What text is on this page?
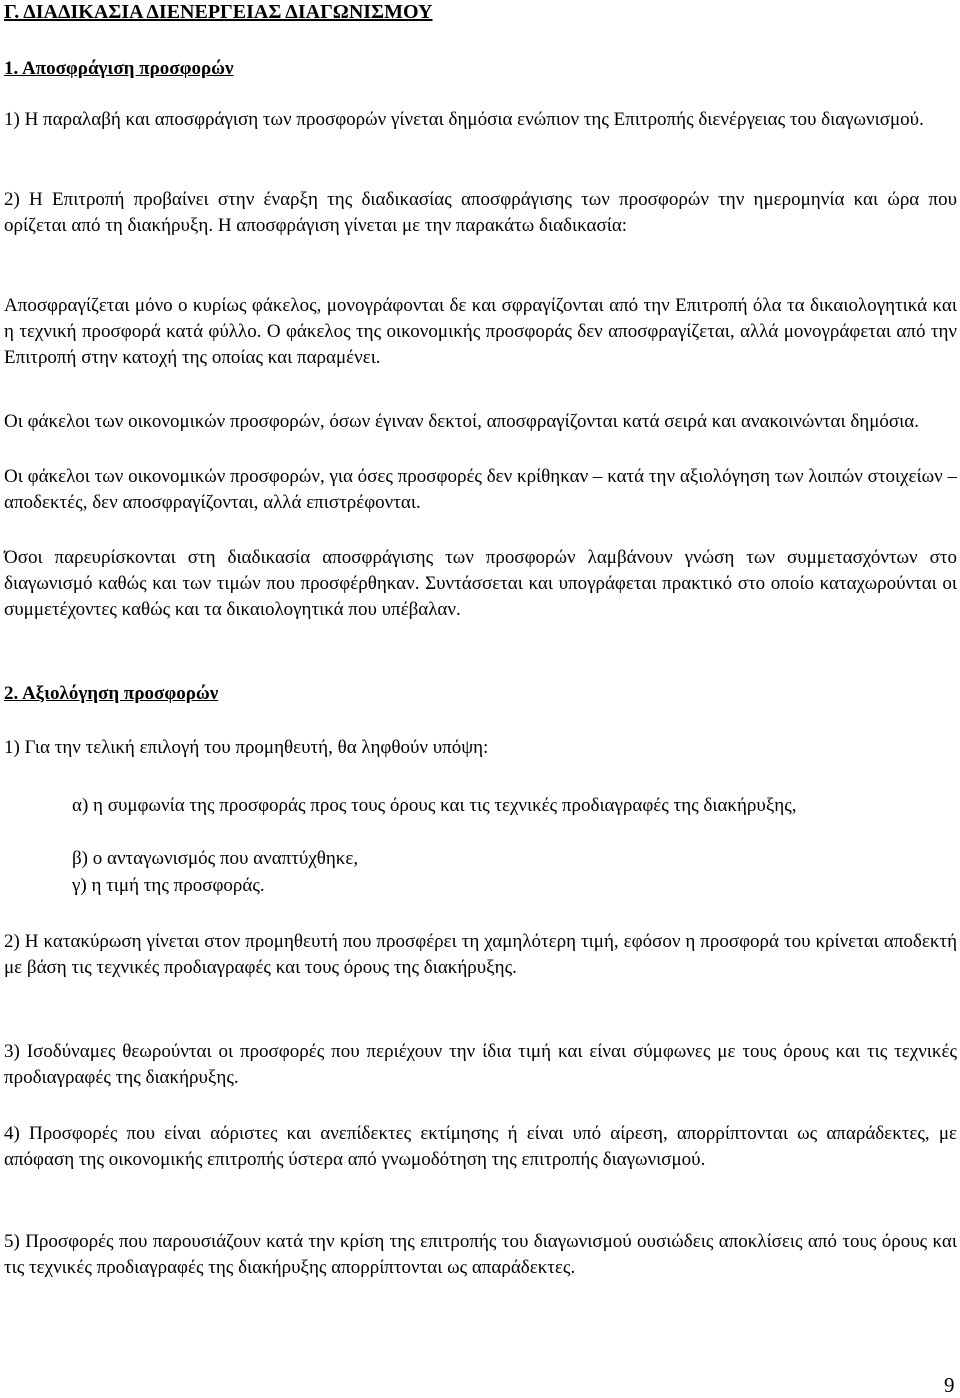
Γ. ΔΙΑΔΙΚΑΣΙΑ ΔΙΕΝΕΡΓΕΙΑΣ ΔΙΑΓΩΝΙΣΜΟΥ
1. Αποσφράγιση προσφορών

1) Η παραλαβή και αποσφράγιση των προσφορών γίνεται δημόσια ενώπιον της Επιτροπής διενέργειας του διαγωνισμού.

2) Η Επιτροπή προβαίνει στην έναρξη της διαδικασίας αποσφράγισης των προσφορών την ημερομηνία και ώρα που ορίζεται από τη διακήρυξη. Η αποσφράγιση γίνεται με την παρακάτω διαδικασία:

Αποσφραγίζεται μόνο ο κυρίως φάκελος, μονογράφονται δε και σφραγίζονται από την Επιτροπή όλα τα δικαιολογητικά και η τεχνική προσφορά κατά φύλλο. Ο φάκελος της οικονομικής προσφοράς δεν αποσφραγίζεται, αλλά μονογράφεται από την Επιτροπή στην κατοχή της οποίας και παραμένει.

Οι φάκελοι των οικονομικών προσφορών, όσων έγιναν δεκτοί, αποσφραγίζονται κατά σειρά και ανακοινώνται δημόσια.

Οι φάκελοι των οικονομικών προσφορών, για όσες προσφορές δεν κρίθηκαν – κατά την αξιολόγηση των λοιπών στοιχείων – αποδεκτές, δεν αποσφραγίζονται, αλλά επιστρέφονται.

Όσοι παρευρίσκονται στη διαδικασία αποσφράγισης των προσφορών λαμβάνουν γνώση των συμμετασχόντων στο διαγωνισμό καθώς και των τιμών που προσφέρθηκαν. Συντάσσεται και υπογράφεται πρακτικό στο οποίο καταχωρούνται οι συμμετέχοντες καθώς και τα δικαιολογητικά που υπέβαλαν.

2. Αξιολόγηση προσφορών

1) Για την τελική επιλογή του προμηθευτή, θα ληφθούν υπόψη:

α) η συμφωνία της προσφοράς προς τους όρους και τις τεχνικές προδιαγραφές της διακήρυξης,

β) ο ανταγωνισμός που αναπτύχθηκε,

γ) η τιμή της προσφοράς.

2) Η κατακύρωση γίνεται στον προμηθευτή που προσφέρει τη χαμηλότερη τιμή, εφόσον η προσφορά του κρίνεται αποδεκτή με βάση τις τεχνικές προδιαγραφές και τους όρους της διακήρυξης.

3) Ισοδύναμες θεωρούνται οι προσφορές που περιέχουν την ίδια τιμή και είναι σύμφωνες με τους όρους και τις τεχνικές προδιαγραφές της διακήρυξης.

4) Προσφορές που είναι αόριστες και ανεπίδεκτες εκτίμησης ή είναι υπό αίρεση, απορρίπτονται ως απαράδεκτες, με απόφαση της οικονομικής επιτροπής ύστερα από γνωμοδότηση της επιτροπής διαγωνισμού.

5) Προσφορές που παρουσιάζουν κατά την κρίση της επιτροπής του διαγωνισμού ουσιώδεις αποκλίσεις από τους όρους και τις τεχνικές προδιαγραφές της διακήρυξης απορρίπτονται ως απαράδεκτες.

9
